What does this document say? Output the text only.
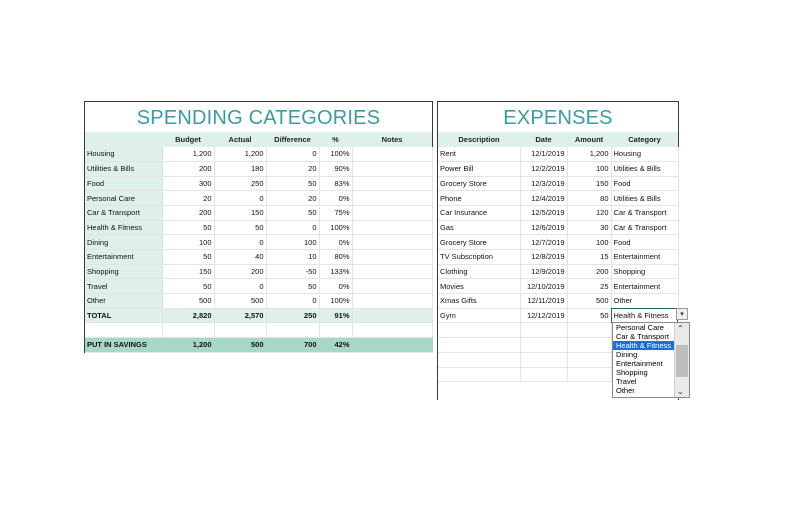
SPENDING CATEGORIES
	Budget	Actual	Difference	%	Notes
Housing	1,200	1,200	0	100%	
Utilities & Bills	200	180	20	90%	
Food	300	250	50	83%	
Personal Care	20	0	20	0%	
Car & Transport	200	150	50	75%	
Health & Fitness	50	50	0	100%	
Dining	100	0	100	0%	
Entertainment	50	40	10	80%	
Shopping	150	200	-50	133%	
Travel	50	0	50	0%	
Other	500	500	0	100%	
TOTAL	2,820	2,570	250	91%	

PUT IN SAVINGS	1,200	500	700	42%	
EXPENSES
Description	Date	Amount	Category
Rent	12/1/2019	1,200	Housing
Power Bill	12/2/2019	100	Utilities & Bills
Grocery Store	12/3/2019	150	Food
Phone	12/4/2019	80	Utilities & Bills
Car Insurance	12/5/2019	120	Car & Transport
Gas	12/6/2019	30	Car & Transport
Grocery Store	12/7/2019	100	Food
TV Subscription	12/8/2019	15	Entertainment
Clothing	12/9/2019	200	Shopping
Movies	12/10/2019	25	Entertainment
Xmas Gifts	12/11/2019	500	Other
Gym	12/12/2019	50	Health & Fitness

				▾
Personal Care
Car & Transport
Health & Fitness
Dining
Entertainment
Shopping
Travel
Other
⌃
⌄
